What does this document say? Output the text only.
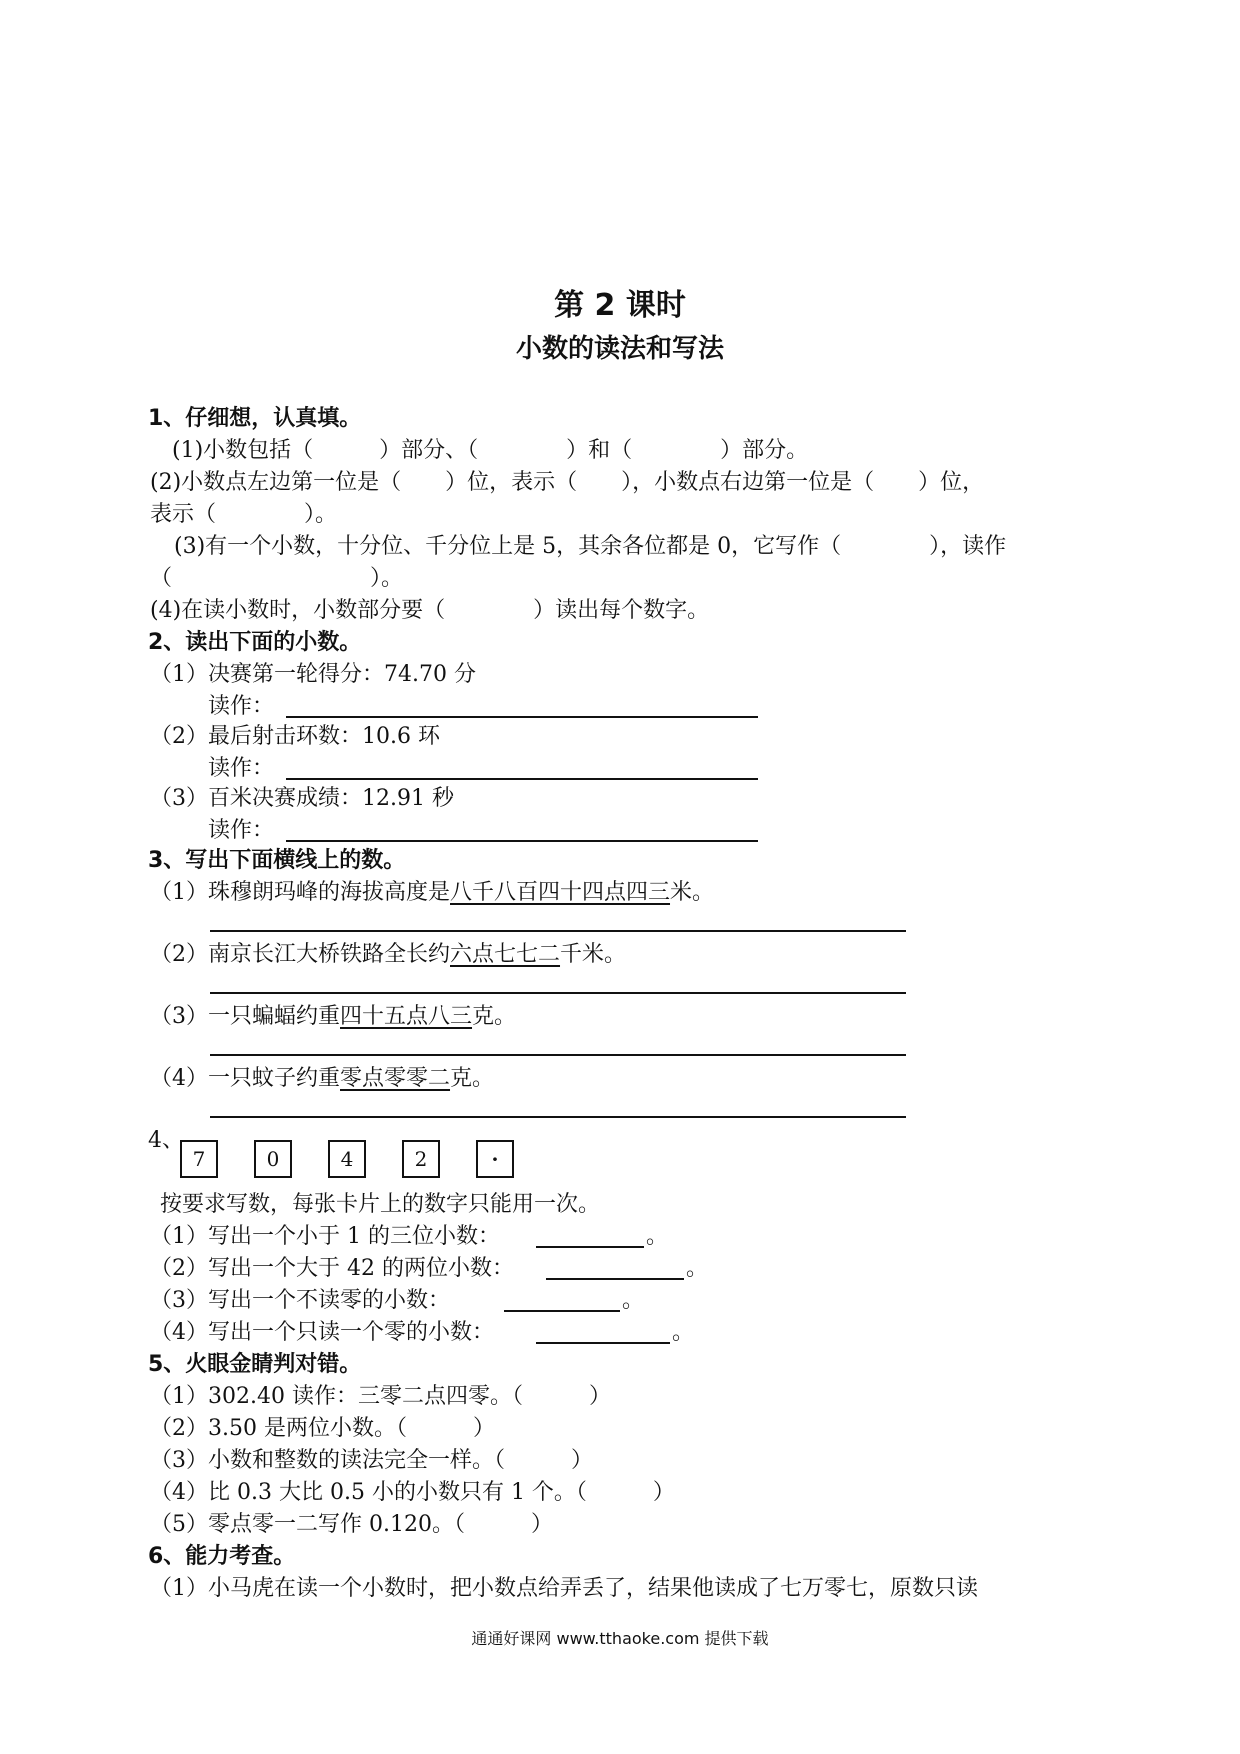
第 2 课时
小数的读法和写法
1、仔细想，认真填。
(1)小数包括（　　　）部分、（　　　　）和（　　　　）部分。
(2)小数点左边第一位是（　　）位，表示（　　），小数点右边第一位是（　　）位，
表示（　　　　）。
(3)有一个小数，十分位、千分位上是 5，其余各位都是 0，它写作（　　　　），读作
（　　　　　　　　　）。
(4)在读小数时，小数部分要（　　　　）读出每个数字。
2、读出下面的小数。
（1）决赛第一轮得分：74.70 分
读作：
（2）最后射击环数：10.6 环
读作：
（3）百米决赛成绩：12.91 秒
读作：
3、写出下面横线上的数。
（1）珠穆朗玛峰的海拔高度是八千八百四十四点四三米。
（2）南京长江大桥铁路全长约六点七七二千米。
（3）一只蝙蝠约重四十五点八三克。
（4）一只蚊子约重零点零零二克。
4、
7	0	4	2	·
按要求写数，每张卡片上的数字只能用一次。
（1）写出一个小于 1 的三位小数：	。
（2）写出一个大于 42 的两位小数：	。
（3）写出一个不读零的小数：	。
（4）写出一个只读一个零的小数：	。
5、火眼金睛判对错。
（1）302.40 读作：三零二点四零。（　　　）
（2）3.50 是两位小数。（　　　）
（3）小数和整数的读法完全一样。（　　　）
（4）比 0.3 大比 0.5 小的小数只有 1 个。（　　　）
（5）零点零一二写作 0.120。（　　　）
6、能力考查。
（1）小马虎在读一个小数时，把小数点给弄丢了，结果他读成了七万零七，原数只读
通通好课网 www.tthaoke.com 提供下载
